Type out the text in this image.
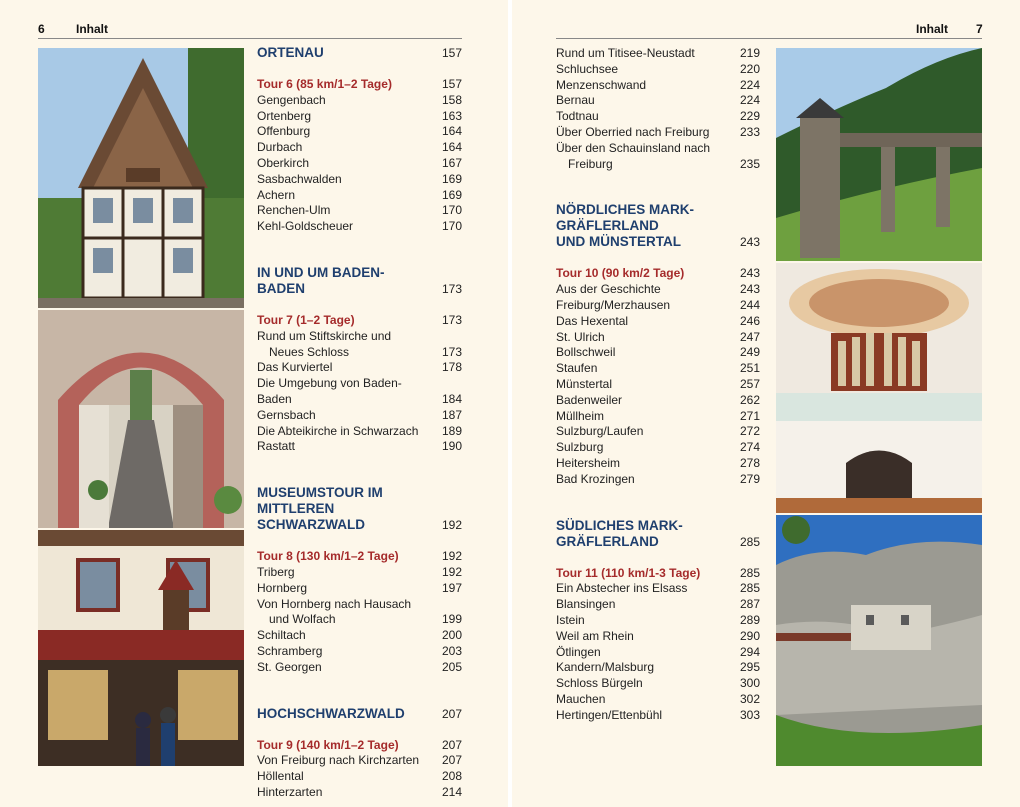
6	Inhalt
ORTENAU	157
Tour 6 (85 km/1–2 Tage)	157
Gengenbach	158
Ortenberg	163
Offenburg	164
Durbach	164
Oberkirch	167
Sasbachwalden	169
Achern	169
Renchen-Ulm	170
Kehl-Goldscheuer	170
IN UND UM BADEN-BADEN	173
Tour 7 (1–2 Tage)	173
Rund um Stiftskirche und
Neues Schloss	173
Das Kurviertel	178
Die Umgebung von Baden-Baden	184
Gernsbach	187
Die Abteikirche in Schwarzach 189
Rastatt	190
MUSEUMSTOUR IM
MITTLEREN
SCHWARZWALD	192
Tour 8 (130 km/1–2 Tage)	192
Triberg	192
Hornberg	197
Von Hornberg nach Hausach
und Wolfach	199
Schiltach	200
Schramberg	203
St. Georgen	205
HOCHSCHWARZWALD	207
Tour 9 (140 km/1–2 Tage)	207
Von Freiburg nach Kirchzarten 207
Höllental	208
Hinterzarten	214
Inhalt 7
Rund um Titisee-Neustadt	219
Schluchsee	220
Menzenschwand	224
Bernau	224
Todtnau	229
Über Oberried nach Freiburg	233
Über den Schauinsland nach
Freiburg	235
NÖRDLICHES MARK-
GRÄFLERLAND
UND MÜNSTERTAL	243
Tour 10 (90 km/2 Tage)	243
Aus der Geschichte	243
Freiburg/Merzhausen	244
Das Hexental	246
St. Ulrich	247
Bollschweil	249
Staufen	251
Münstertal	257
Badenweiler	262
Müllheim	271
Sulzburg/Laufen	272
Sulzburg	274
Heitersheim	278
Bad Krozingen	279
SÜDLICHES MARK-
GRÄFLERLAND	285
Tour 11 (110 km/1-3 Tage)	285
Ein Abstecher ins Elsass	285
Blansingen	287
Istein	289
Weil am Rhein	290
Ötlingen	294
Kandern/Malsburg	295
Schloss Bürgeln	300
Mauchen	302
Hertingen/Ettenbühl	303
